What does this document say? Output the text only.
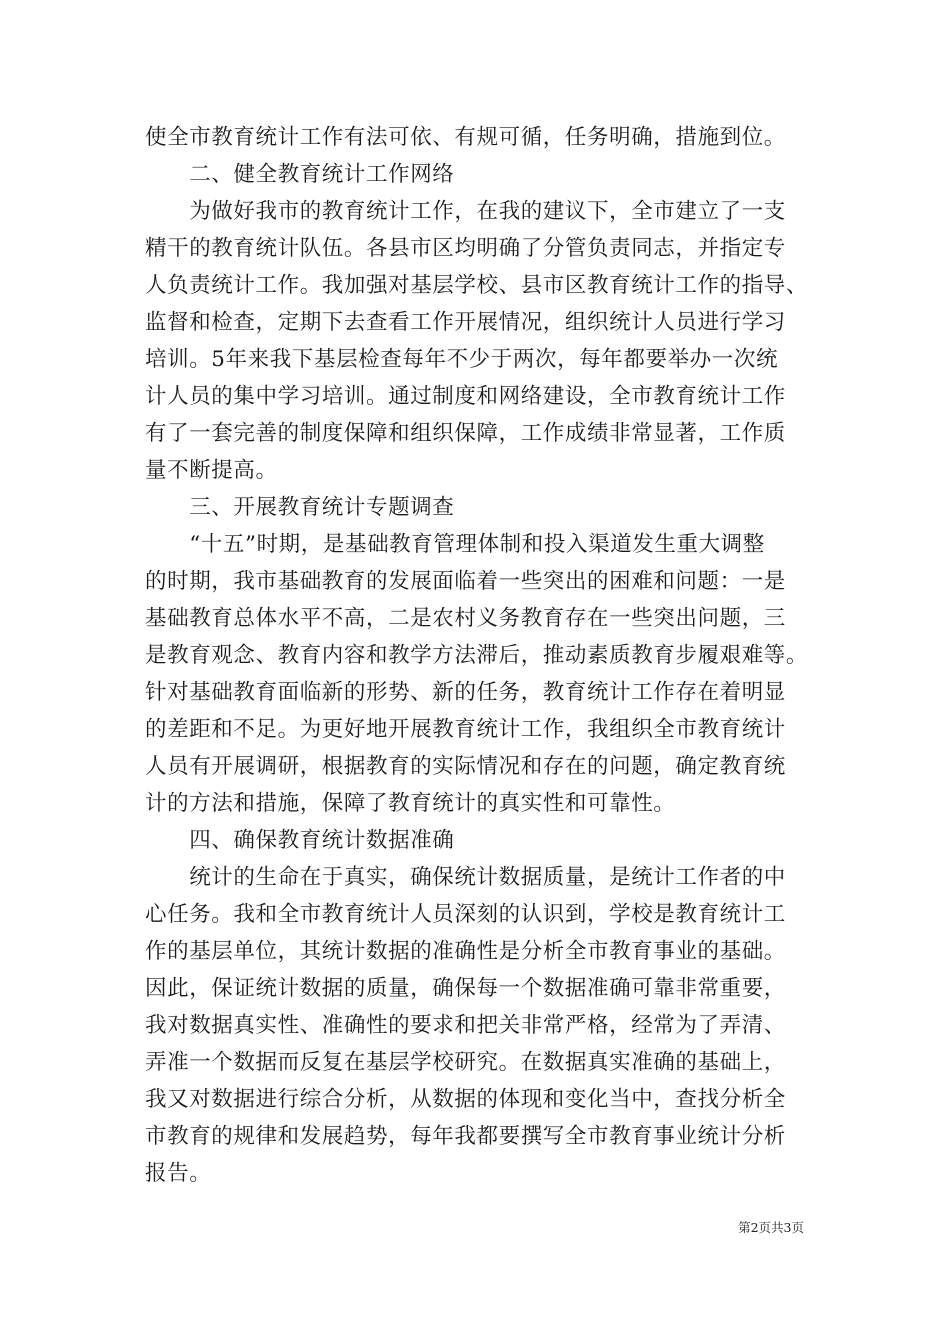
使全市教育统计工作有法可依、有规可循，任务明确，措施到位。
　　二、健全教育统计工作网络
　　为做好我市的教育统计工作，在我的建议下，全市建立了一支
精干的教育统计队伍。各县市区均明确了分管负责同志，并指定专
人负责统计工作。我加强对基层学校、县市区教育统计工作的指导、
监督和检查，定期下去查看工作开展情况，组织统计人员进行学习
培训。5年来我下基层检查每年不少于两次，每年都要举办一次统
计人员的集中学习培训。通过制度和网络建设，全市教育统计工作
有了一套完善的制度保障和组织保障，工作成绩非常显著，工作质
量不断提高。
　　三、开展教育统计专题调查
　　“十五”时期，是基础教育管理体制和投入渠道发生重大调整
的时期，我市基础教育的发展面临着一些突出的困难和问题：一是
基础教育总体水平不高，二是农村义务教育存在一些突出问题，三
是教育观念、教育内容和教学方法滞后，推动素质教育步履艰难等。
针对基础教育面临新的形势、新的任务，教育统计工作存在着明显
的差距和不足。为更好地开展教育统计工作，我组织全市教育统计
人员有开展调研，根据教育的实际情况和存在的问题，确定教育统
计的方法和措施，保障了教育统计的真实性和可靠性。
　　四、确保教育统计数据准确
　　统计的生命在于真实，确保统计数据质量，是统计工作者的中
心任务。我和全市教育统计人员深刻的认识到，学校是教育统计工
作的基层单位，其统计数据的准确性是分析全市教育事业的基础。
因此，保证统计数据的质量，确保每一个数据准确可靠非常重要，
我对数据真实性、准确性的要求和把关非常严格，经常为了弄清、
弄准一个数据而反复在基层学校研究。在数据真实准确的基础上，
我又对数据进行综合分析，从数据的体现和变化当中，查找分析全
市教育的规律和发展趋势，每年我都要撰写全市教育事业统计分析
报告。
第2页共3页
